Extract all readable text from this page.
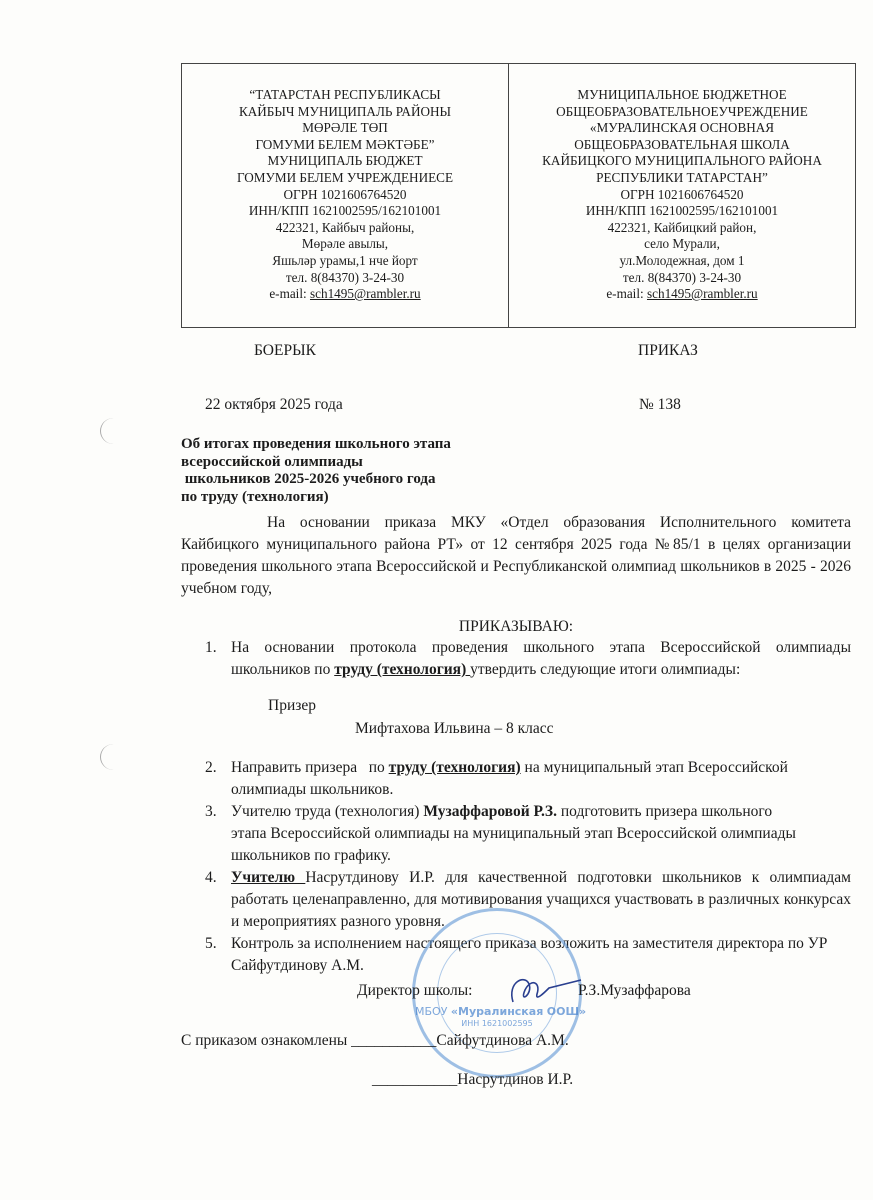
“ТАТАРСТАН РЕСПУБЛИКАСЫ
КАЙБЫЧ МУНИЦИПАЛЬ РАЙОНЫ
МӨРӘЛЕ ТӨП
ГОМУМИ БЕЛЕМ МӘКТӘБЕ”
МУНИЦИПАЛЬ БЮДЖЕТ
ГОМУМИ БЕЛЕМ УЧРЕЖДЕНИЕСЕ
ОГРН 1021606764520
ИНН/КПП 1621002595/162101001
422321, Кайбыч районы,
Мөрәле авылы,
Яшьләр урамы,1 нче йорт
тел. 8(84370) 3-24-30
e-mail: sch1495@rambler.ru
МУНИЦИПАЛЬНОЕ БЮДЖЕТНОЕ
ОБЩЕОБРАЗОВАТЕЛЬНОЕУЧРЕЖДЕНИЕ
«МУРАЛИНСКАЯ ОСНОВНАЯ
ОБЩЕОБРАЗОВАТЕЛЬНАЯ ШКОЛА
КАЙБИЦКОГО МУНИЦИПАЛЬНОГО РАЙОНА
РЕСПУБЛИКИ ТАТАРСТАН”
ОГРН 1021606764520
ИНН/КПП 1621002595/162101001
422321, Кайбицкий район,
село Мурали,
ул.Молодежная, дом 1
тел. 8(84370) 3-24-30
e-mail: sch1495@rambler.ru
БОЕРЫК	ПРИКАЗ
22 октября 2025 года	№ 138
Об итогах проведения школьного этапа
всероссийской олимпиады
школьников 2025-2026 учебного года
по труду (технология)
На основании приказа МКУ «Отдел образования Исполнительного комитета Кайбицкого муниципального района РТ» от 12 сентября 2025 года №85/1 в целях организации проведения школьного этапа Всероссийской и Республиканской олимпиад школьников в 2025 - 2026 учебном году,
ПРИКАЗЫВАЮ:
1. На основании протокола проведения школьного этапа Всероссийской олимпиады школьников по труду (технология) утвердить следующие итоги олимпиады:
Призер
Мифтахова Ильвина – 8 класс
2. Направить призера   по труду (технология) на муниципальный этап Всероссийской олимпиады школьников.
3. Учителю труда (технология) Музаффаровой Р.З. подготовить призера школьного этапа Всероссийской олимпиады на муниципальный этап Всероссийской олимпиады школьников по графику.
4. Учителю Насрутдинову И.Р. для качественной подготовки школьников к олимпиадам работать целенаправленно, для мотивирования учащихся участвовать в различных конкурсах и мероприятиях разного уровня.
5. Контроль за исполнением настоящего приказа возложить на заместителя директора по УР Сайфутдинову А.М.
МБОУ «Муралинская ООШ»
ИНН 1621002595
Директор школы:	Р.З.Музаффарова
С приказом ознакомлены ___________Сайфутдинова А.М.
___________Насрутдинов И.Р.
